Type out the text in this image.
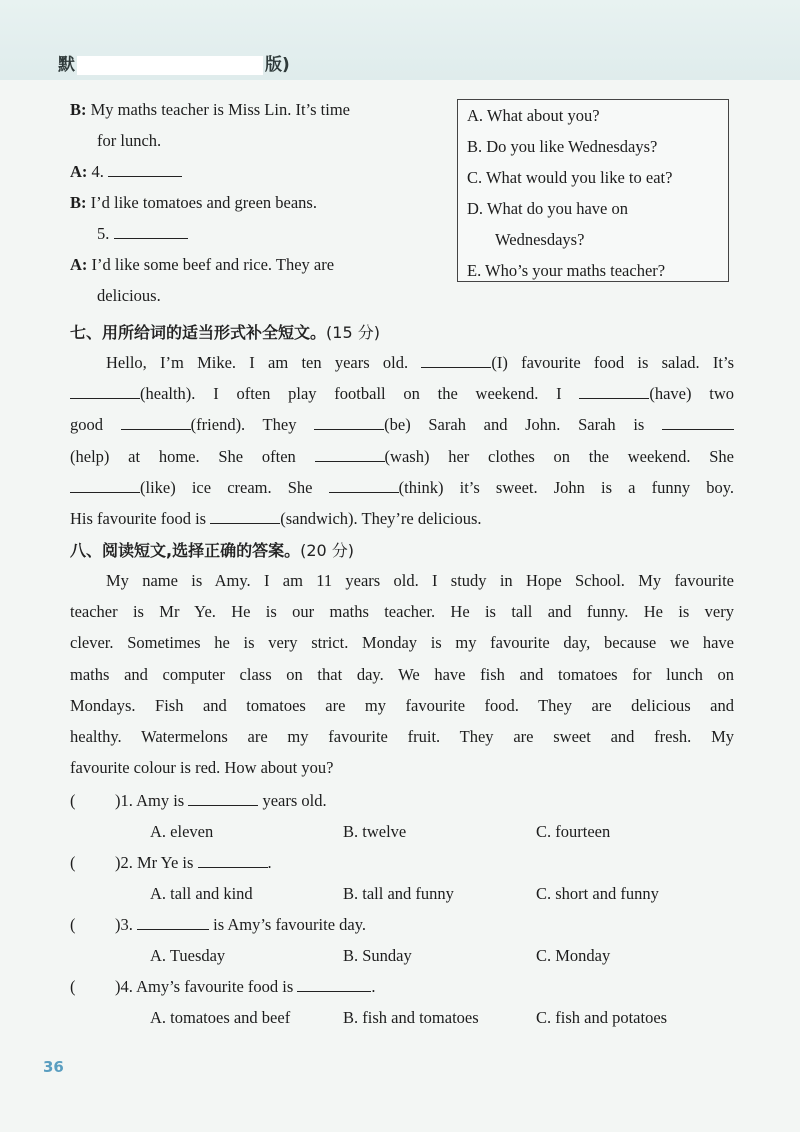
默	版)
B: My maths teacher is Miss Lin. It’s time
for lunch.
A: 4.
B: I’d like tomatoes and green beans.
5.
A: I’d like some beef and rice. They are
delicious.
A. What about you?
B. Do you like Wednesdays?
C. What would you like to eat?
D. What do you have on
Wednesdays?
E. Who’s your maths teacher?
七、用所给词的适当形式补全短文。(15 分)
Hello, I’m Mike. I am ten years old.	(I) favourite food is salad. It’s
(health). I often play football on the weekend. I	(have) two
good	(friend). They	(be) Sarah and John. Sarah is
(help) at home. She often	(wash) her clothes on the weekend. She
(like) ice cream. She	(think) it’s sweet. John is a funny boy.
His favourite food is	(sandwich). They’re delicious.
八、阅读短文,选择正确的答案。(20 分)
My name is Amy. I am 11 years old. I study in Hope School. My favourite
teacher is Mr Ye. He is our maths teacher. He is tall and funny. He is very
clever. Sometimes he is very strict. Monday is my favourite day, because we have
maths and computer class on that day. We have fish and tomatoes for lunch on
Mondays. Fish and tomatoes are my favourite food. They are delicious and
healthy. Watermelons are my favourite fruit. They are sweet and fresh. My
favourite colour is red. How about you?
( )1. Amy is	years old.
A. eleven	B. twelve	C. fourteen
( )2. Mr Ye is	.
A. tall and kind	B. tall and funny	C. short and funny
( )3.	is Amy’s favourite day.
A. Tuesday	B. Sunday	C. Monday
( )4. Amy’s favourite food is	.
A. tomatoes and beef	B. fish and tomatoes	C. fish and potatoes
36
